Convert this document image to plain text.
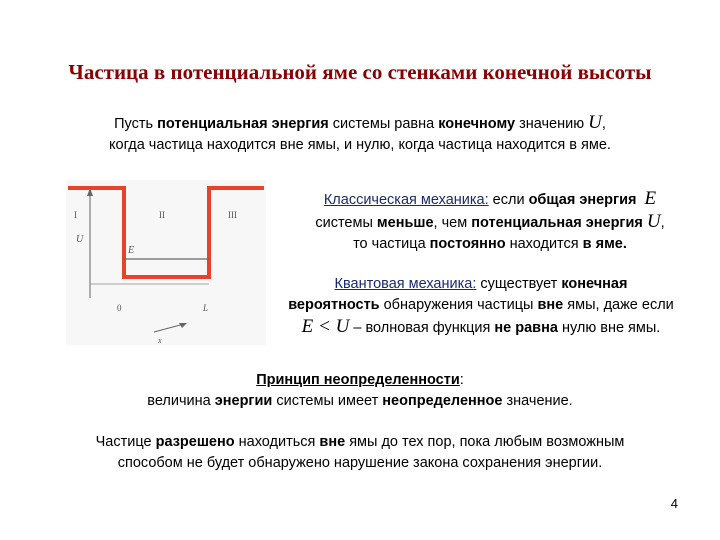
Частица в потенциальной яме со стенками конечной высоты
Пусть потенциальная энергия системы равна конечному значению U,
когда частица находится вне ямы, и нулю, когда частица находится в яме.
I	II	III
U
E
0	L
x
Классическая механика: если общая энергия E
системы меньше, чем потенциальная энергия U,
то частица постоянно находится в яме.
Квантовая механика: существует конечная
вероятность обнаружения частицы вне ямы, даже если
E < U – волновая функция не равна нулю вне ямы.
Принцип неопределенности:
величина энергии системы имеет неопределенное значение.
Частице разрешено находиться вне ямы до тех пор, пока любым возможным
способом не будет обнаружено нарушение закона сохранения энергии.
4
